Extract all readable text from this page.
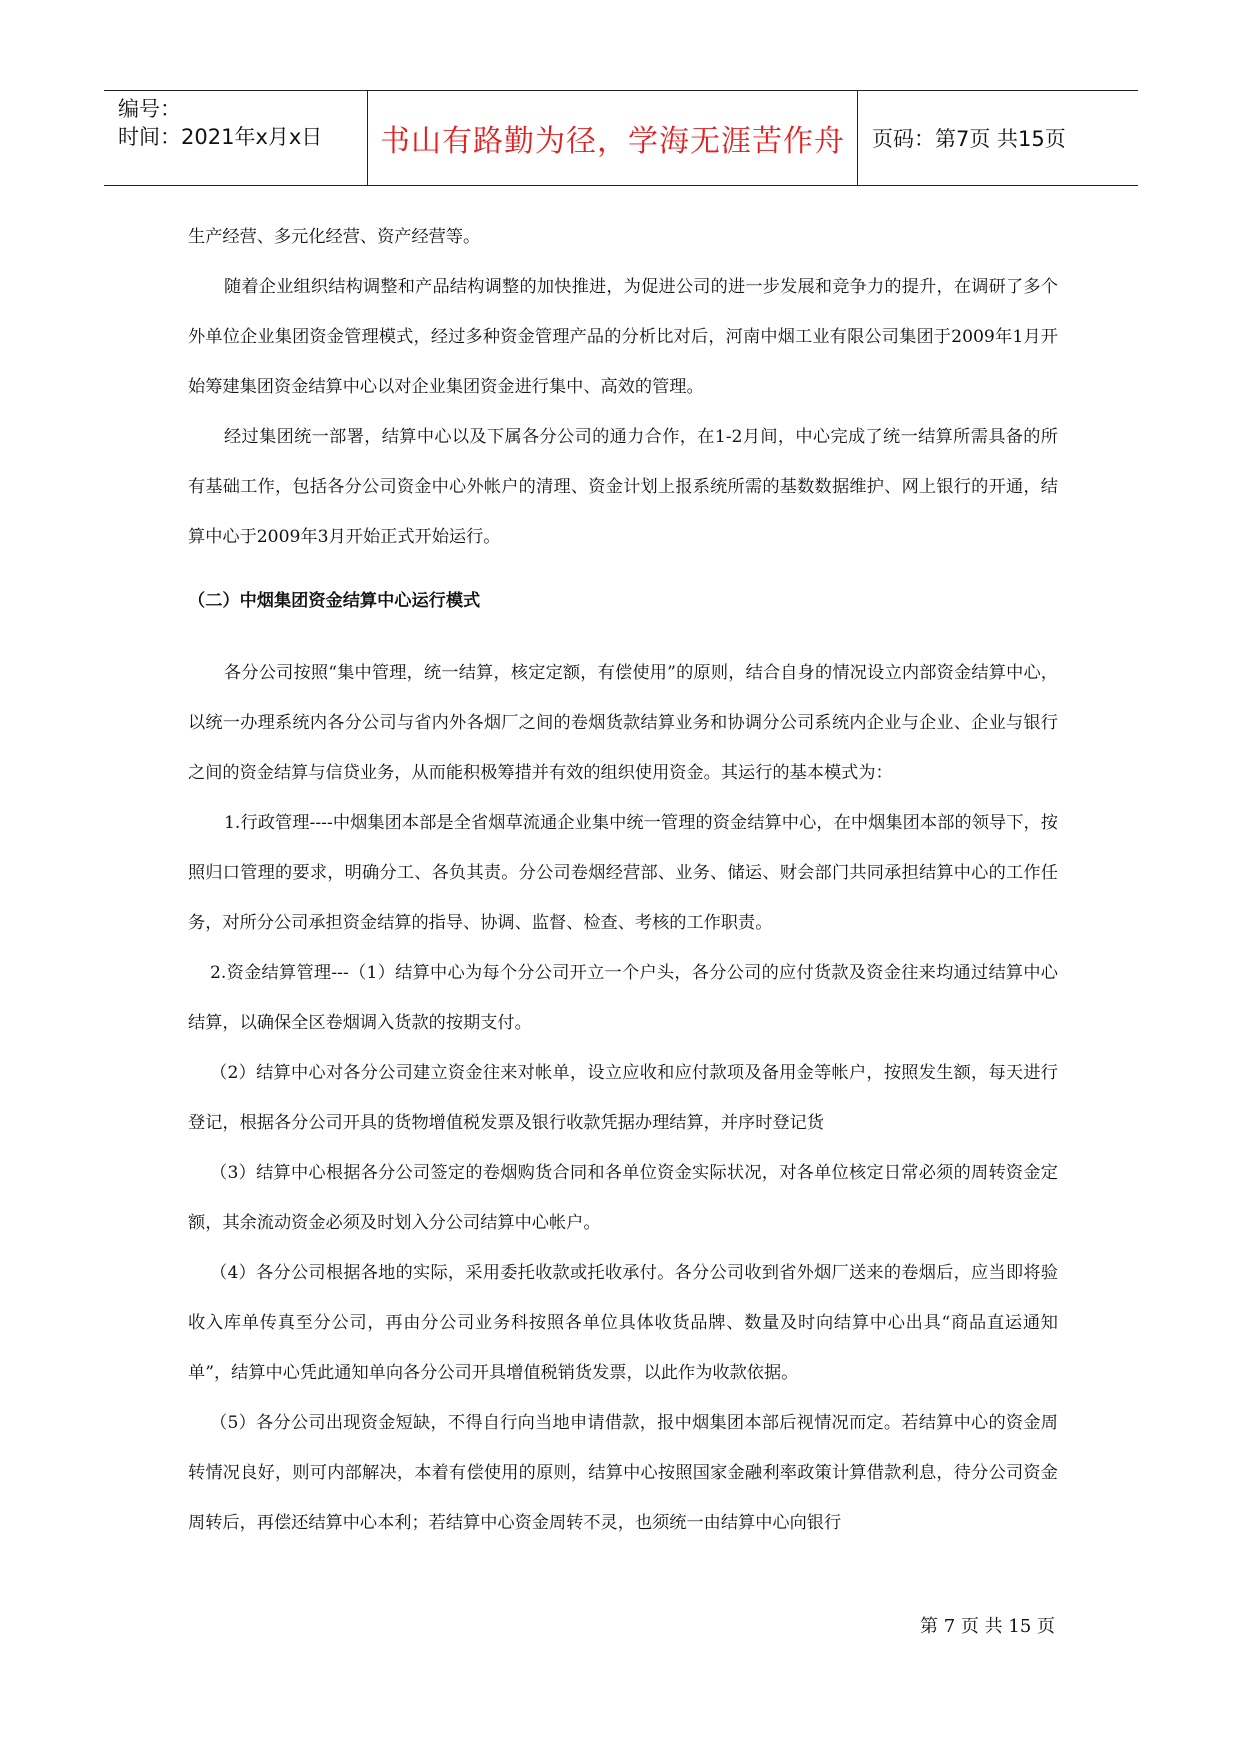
编号：
时间：2021年x月x日	书山有路勤为径，学海无涯苦作舟	页码：第7页 共15页

生产经营、多元化经营、资产经营等。

随着企业组织结构调整和产品结构调整的加快推进，为促进公司的进一步发展和竞争力的提升，在调研了多个外单位企业集团资金管理模式，经过多种资金管理产品的分析比对后，河南中烟工业有限公司集团于2009年1月开始筹建集团资金结算中心以对企业集团资金进行集中、高效的管理。

经过集团统一部署，结算中心以及下属各分公司的通力合作，在1-2月间，中心完成了统一结算所需具备的所有基础工作，包括各分公司资金中心外帐户的清理、资金计划上报系统所需的基数数据维护、网上银行的开通，结算中心于2009年3月开始正式开始运行。

（二）中烟集团资金结算中心运行模式

各分公司按照“集中管理，统一结算，核定定额，有偿使用”的原则，结合自身的情况设立内部资金结算中心，以统一办理系统内各分公司与省内外各烟厂之间的卷烟货款结算业务和协调分公司系统内企业与企业、企业与银行之间的资金结算与信贷业务，从而能积极筹措并有效的组织使用资金。其运行的基本模式为：

1.行政管理----中烟集团本部是全省烟草流通企业集中统一管理的资金结算中心，在中烟集团本部的领导下，按照归口管理的要求，明确分工、各负其责。分公司卷烟经营部、业务、储运、财会部门共同承担结算中心的工作任务，对所分公司承担资金结算的指导、协调、监督、检查、考核的工作职责。

2.资金结算管理---（1）结算中心为每个分公司开立一个户头，各分公司的应付货款及资金往来均通过结算中心结算，以确保全区卷烟调入货款的按期支付。

（2）结算中心对各分公司建立资金往来对帐单，设立应收和应付款项及备用金等帐户，按照发生额，每天进行登记，根据各分公司开具的货物增值税发票及银行收款凭据办理结算，并序时登记货

（3）结算中心根据各分公司签定的卷烟购货合同和各单位资金实际状况，对各单位核定日常必须的周转资金定额，其余流动资金必须及时划入分公司结算中心帐户。

（4）各分公司根据各地的实际，采用委托收款或托收承付。各分公司收到省外烟厂送来的卷烟后，应当即将验收入库单传真至分公司，再由分公司业务科按照各单位具体收货品牌、数量及时向结算中心出具“商品直运通知单”，结算中心凭此通知单向各分公司开具增值税销货发票，以此作为收款依据。

（5）各分公司出现资金短缺，不得自行向当地申请借款，报中烟集团本部后视情况而定。若结算中心的资金周转情况良好，则可内部解决，本着有偿使用的原则，结算中心按照国家金融利率政策计算借款利息，待分公司资金周转后，再偿还结算中心本利；若结算中心资金周转不灵，也须统一由结算中心向银行

第 7 页 共 15 页
